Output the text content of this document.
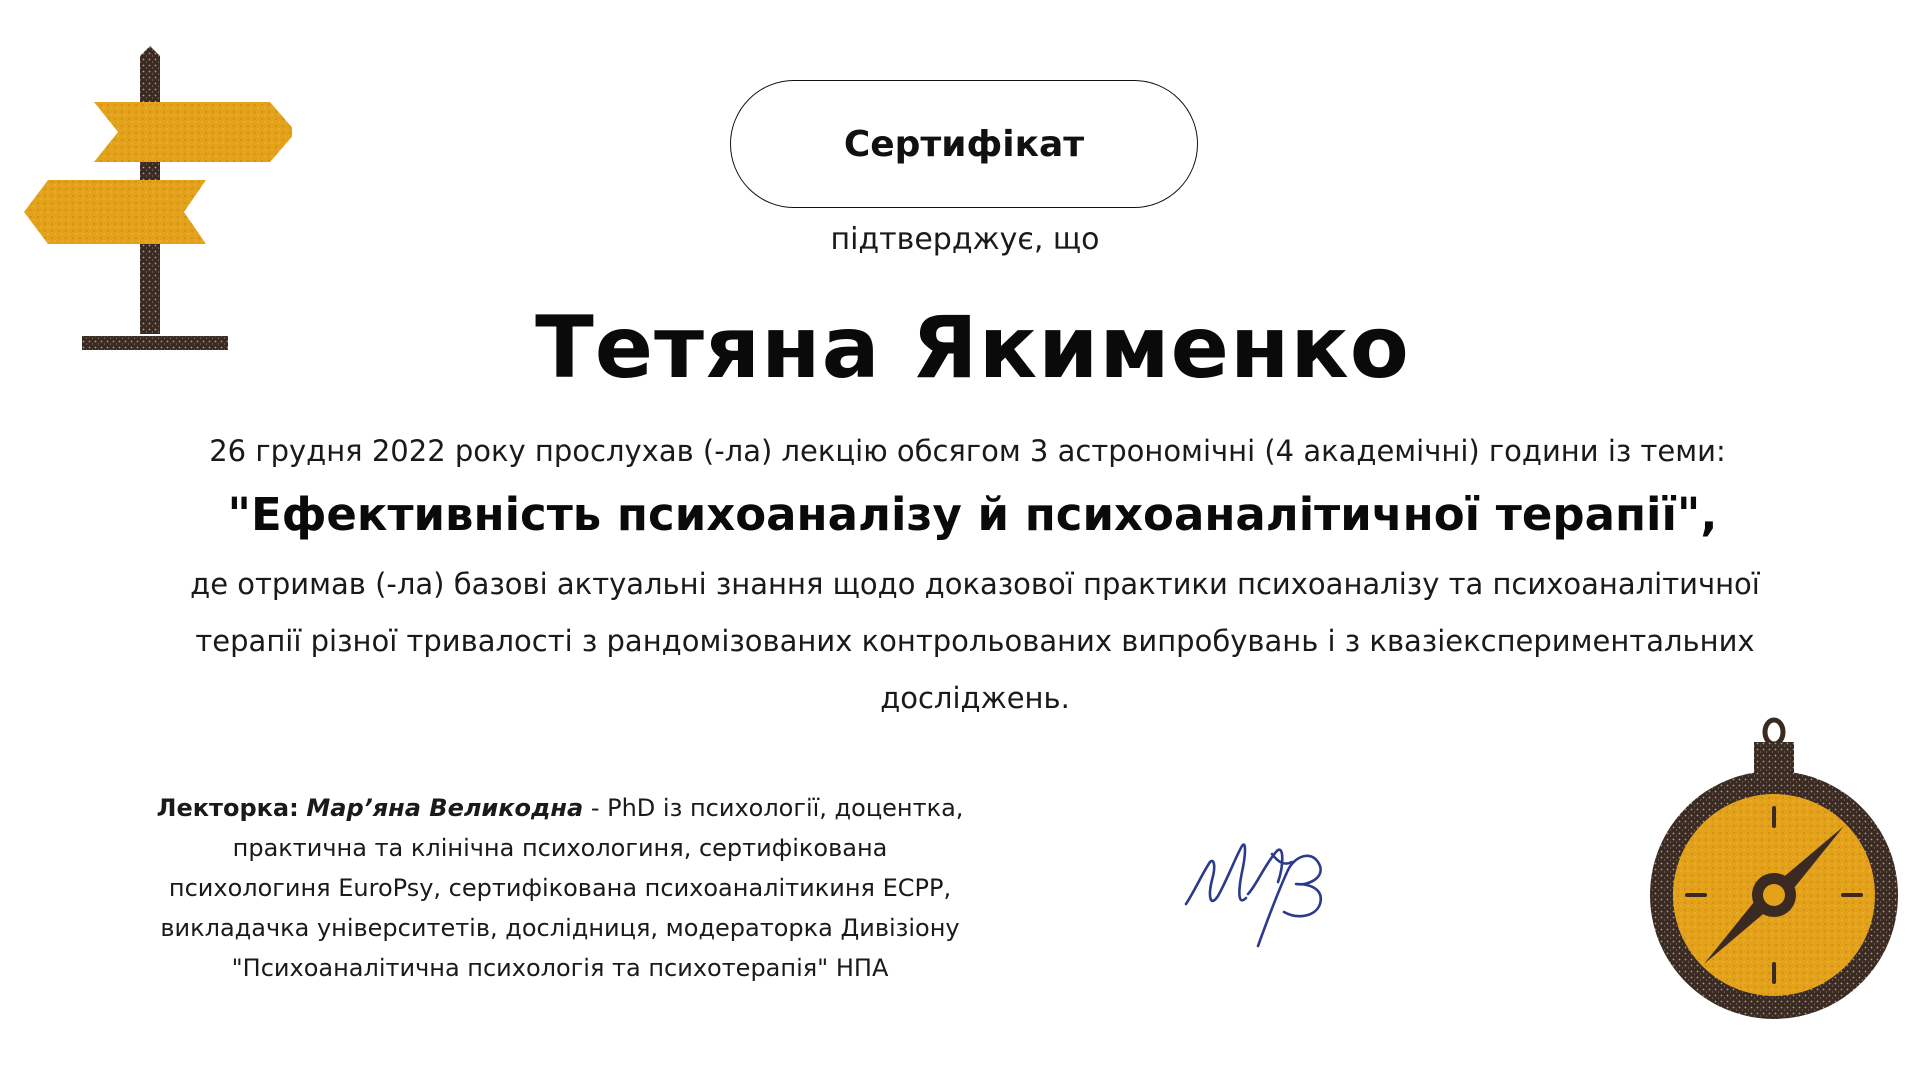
Сертифікат
підтверджує, що
Тетяна Якименко
26 грудня 2022 року прослухав (-ла) лекцію обсягом 3 астрономічні (4 академічні) години із теми:
"Ефективність психоаналізу й психоаналітичної терапії",
де отримав (-ла) базові актуальні знання щодо доказової практики психоаналізу та психоаналітичної терапії різної тривалості з рандомізованих контрольованих випробувань і з квазіекспериментальних досліджень.
Лекторка: Мар’яна Великодна - PhD із психології, доцентка, практична та клінічна психологиня, сертифікована психологиня EuroPsy, сертифікована психоаналітикиня ECPP, викладачка університетів, дослідниця, модераторка Дивізіону "Психоаналітична психологія та психотерапія" НПА
